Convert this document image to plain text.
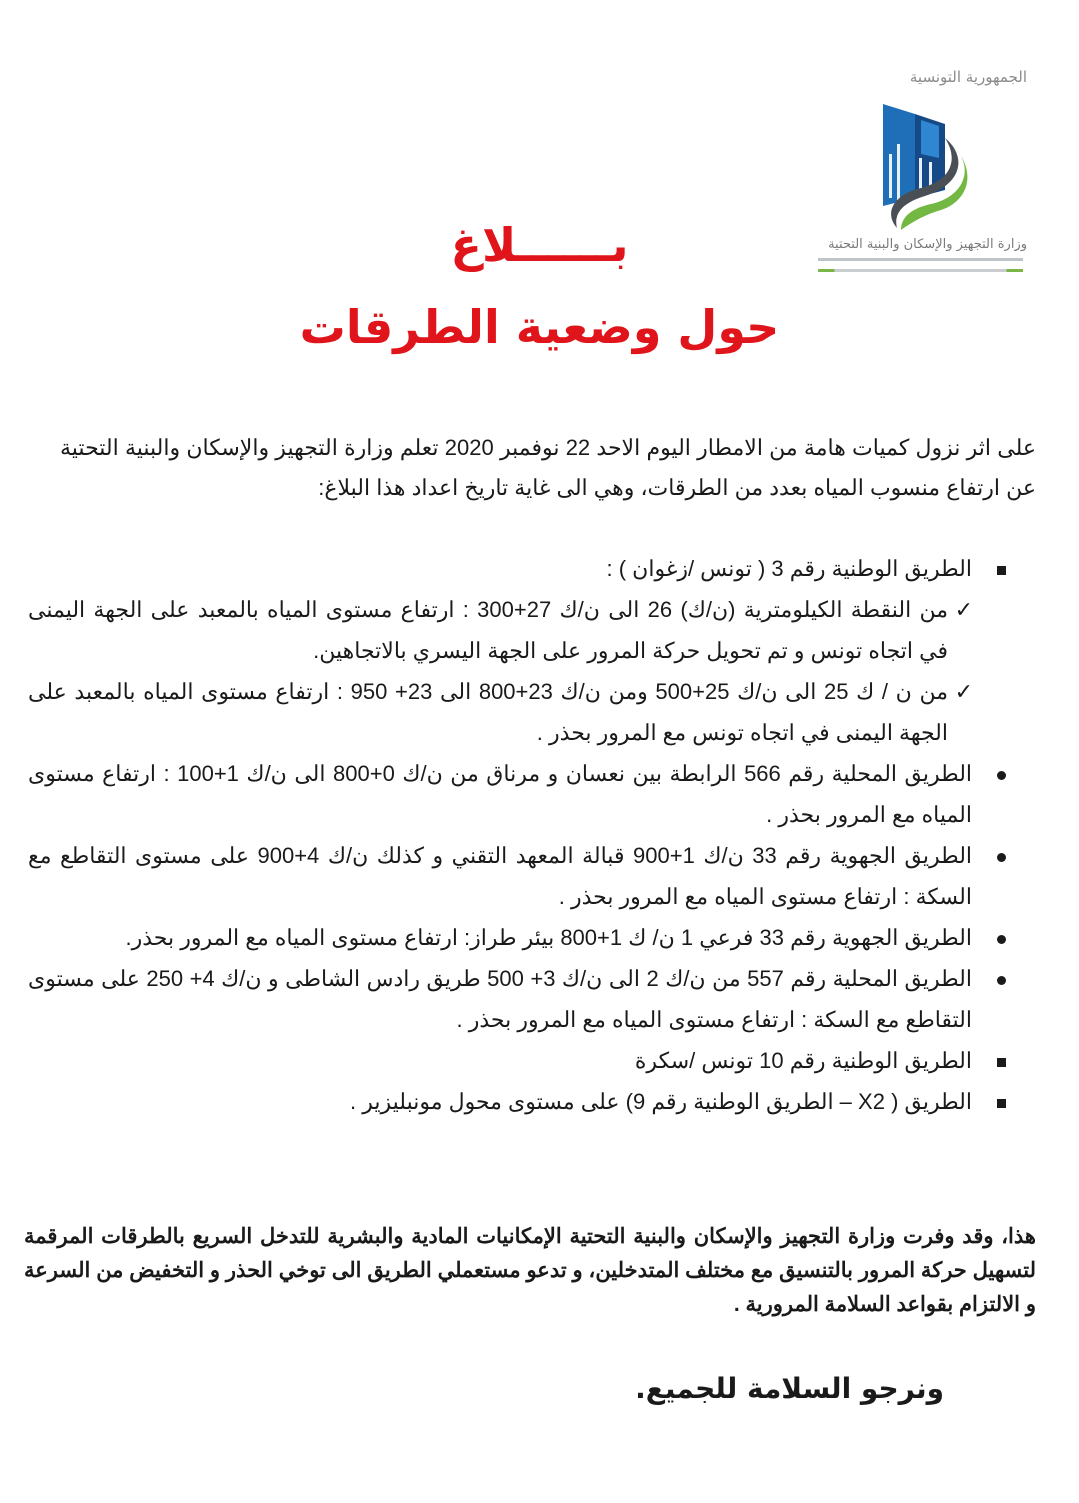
الجمهورية التونسية
وزارة التجهيز والإسكان والبنية التحتية
بــــــلاغ
حول وضعية الطرقات
على اثر نزول كميات هامة من الامطار اليوم الاحد 22 نوفمبر 2020 تعلم وزارة التجهيز والإسكان والبنية التحتية عن ارتفاع منسوب المياه بعدد من الطرقات، وهي الى غاية تاريخ اعداد هذا البلاغ:
الطريق الوطنية رقم 3 ( تونس /زغوان ) :
✓
من النقطة الكيلومترية (ن/ك) 26 الى ن/ك 27+300 : ارتفاع مستوى المياه بالمعبد على الجهة اليمنى في اتجاه تونس و تم تحويل حركة المرور على الجهة اليسري بالاتجاهين.
✓
من ن / ك 25 الى ن/ك 25+500 ومن ن/ك 23+800 الى 23+ 950 : ارتفاع مستوى المياه بالمعبد على الجهة اليمنى في اتجاه تونس مع المرور بحذر .
الطريق المحلية رقم 566 الرابطة بين نعسان و مرناق من ن/ك 0+800 الى ن/ك 1+100 : ارتفاع مستوى المياه مع المرور بحذر .
الطريق الجهوية رقم 33 ن/ك 1+900 قبالة المعهد التقني و كذلك ن/ك 4+900 على مستوى التقاطع مع السكة : ارتفاع مستوى المياه مع المرور بحذر .
الطريق الجهوية رقم 33 فرعي 1 ن/ ك 1+800 بيئر طراز: ارتفاع مستوى المياه مع المرور بحذر.
الطريق المحلية رقم 557 من ن/ك 2 الى ن/ك 3+ 500 طريق رادس الشاطى و ن/ك 4+ 250 على مستوى التقاطع مع السكة : ارتفاع مستوى المياه مع المرور بحذر .
الطريق الوطنية رقم 10 تونس /سكرة
الطريق ( X2 – الطريق الوطنية رقم 9) على مستوى محول مونبليزير .
هذا، وقد وفرت وزارة التجهيز والإسكان والبنية التحتية الإمكانيات المادية والبشرية للتدخل السريع بالطرقات المرقمة لتسهيل حركة المرور بالتنسيق مع مختلف المتدخلين، و تدعو مستعملي الطريق الى توخي الحذر و التخفيض من السرعة و الالتزام بقواعد السلامة المرورية .
ونرجو السلامة للجميع.
